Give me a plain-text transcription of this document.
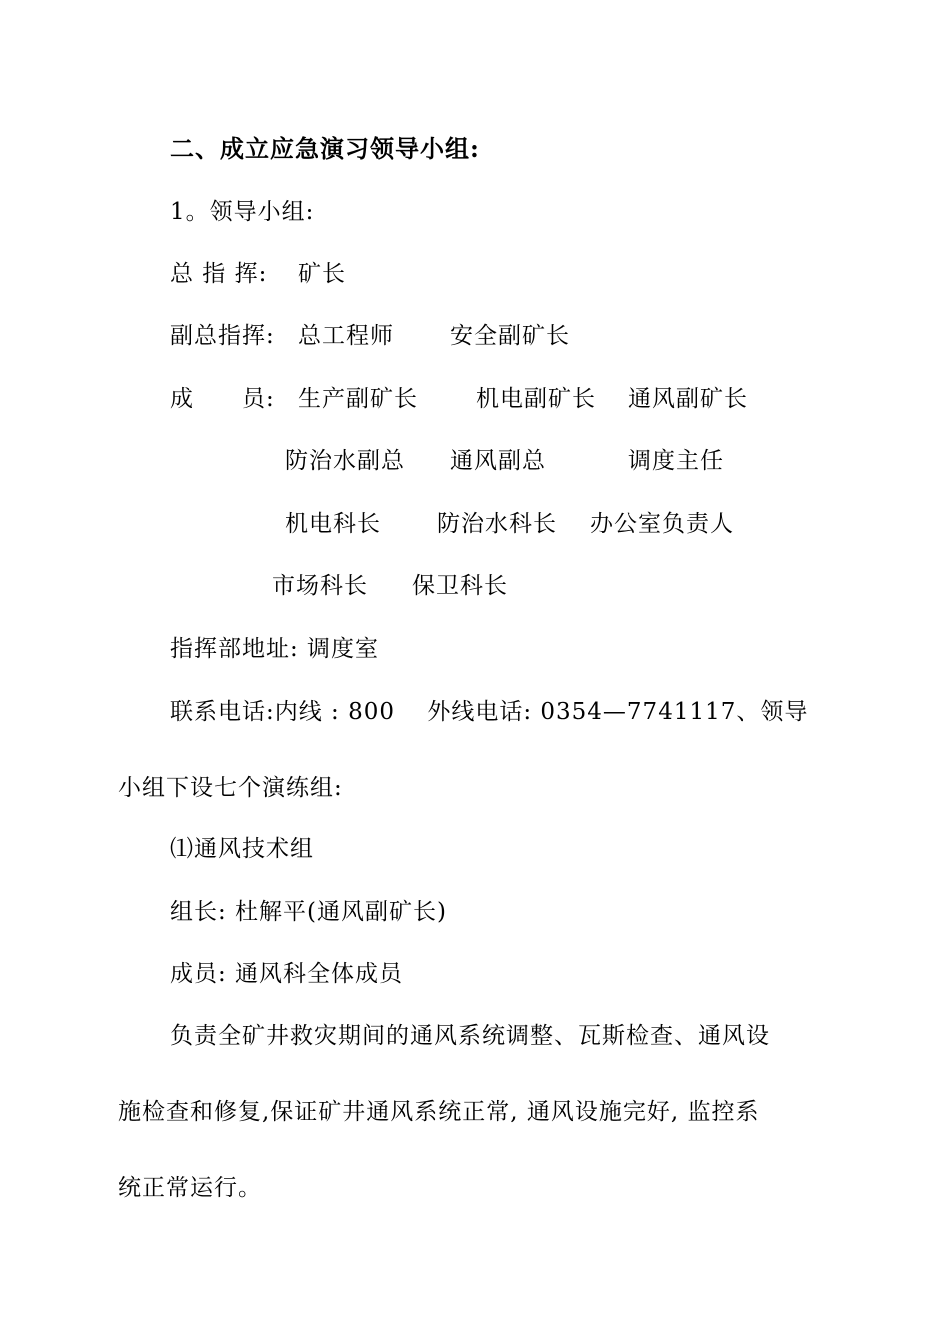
二、成立应急演习领导小组:
1。领导小组:
总 指 挥: 矿长
副总指挥: 总工程师 安全副矿长
成　　员: 生产副矿长	机电副矿长 通风副矿长
防治水副总 通风副总	调度主任
机电科长 防治水科长 办公室负责人
市场科长 保卫科长
指挥部地址: 调度室
联系电话:内线 : 800　 外线电话: 0354—7741117、领导
小组下设七个演练组:
⑴通风技术组
组长: 杜解平(通风副矿长)
成员: 通风科全体成员
负责全矿井救灾期间的通风系统调整、瓦斯检查、通风设
施检查和修复,保证矿井通风系统正常, 通风设施完好, 监控系
统正常运行。
